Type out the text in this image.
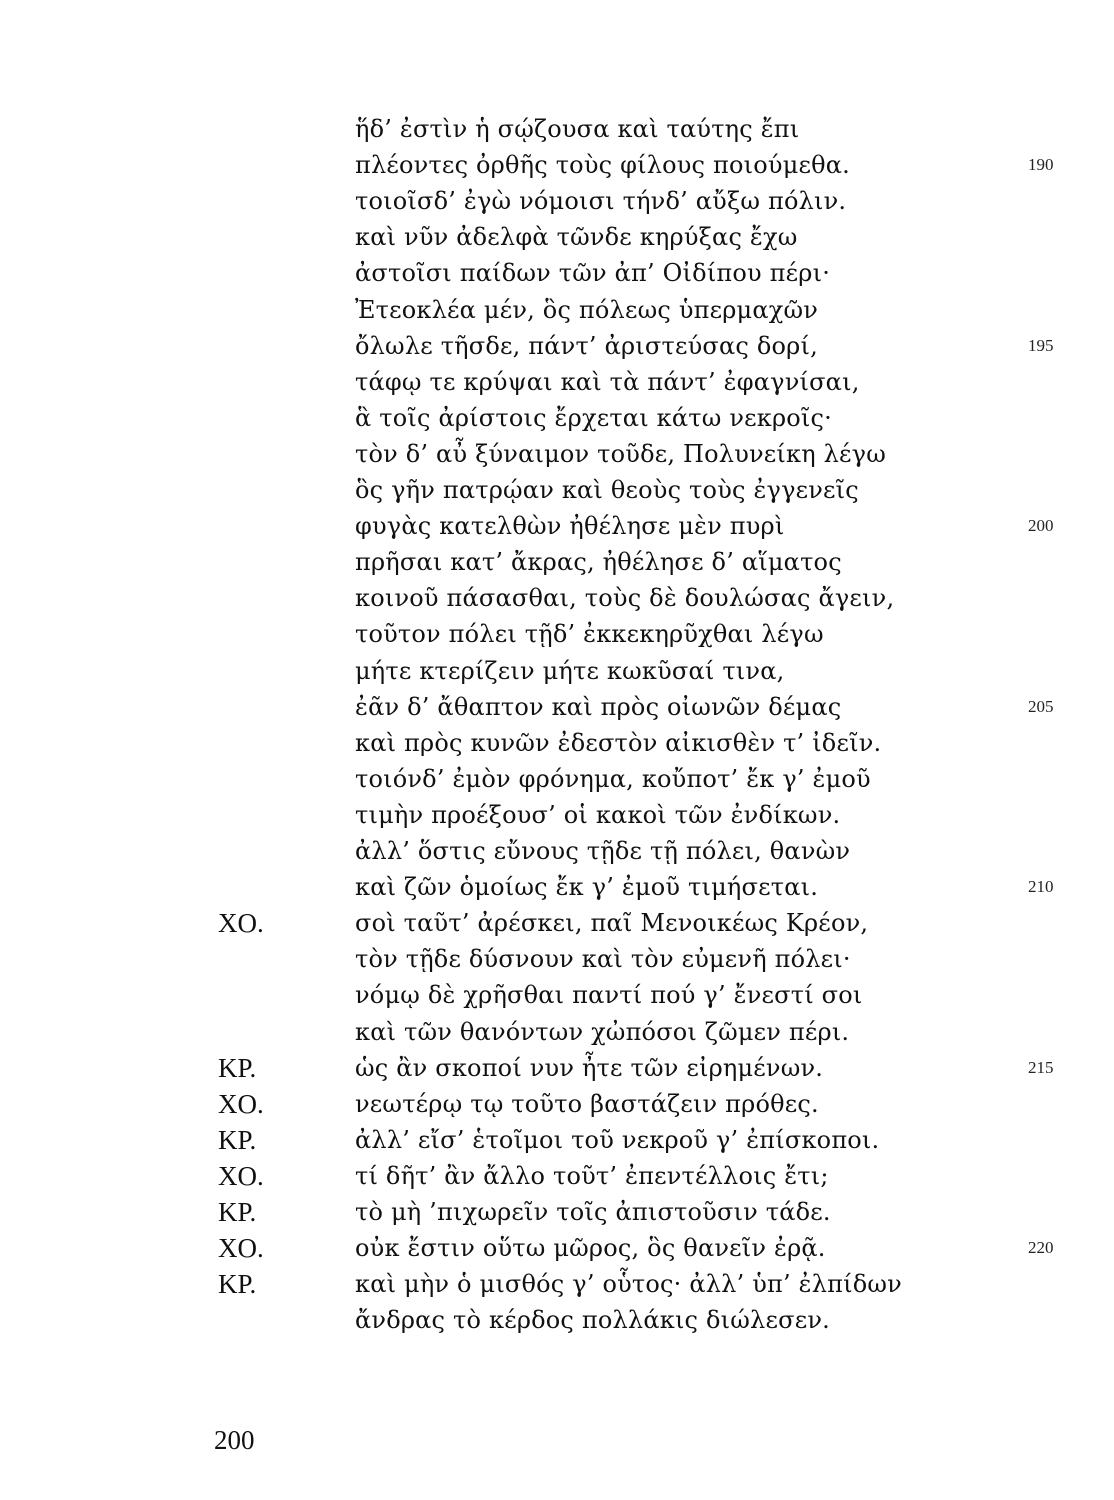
ἥδ’ ἐστὶν ἡ σῴζουσα καὶ ταύτης ἔπι
πλέοντες ὀρθῆς τοὺς φίλους ποιούμεθα.	190
τοιοῖσδ’ ἐγὼ νόμοισι τήνδ’ αὔξω πόλιν.
καὶ νῦν ἀδελφὰ τῶνδε κηρύξας ἔχω
ἀστοῖσι παίδων τῶν ἀπ’ Οἰδίπου πέρι·
Ἐτεοκλέα μέν, ὃς πόλεως ὑπερμαχῶν
ὄλωλε τῆσδε, πάντ’ ἀριστεύσας δορί,	195
τάφῳ τε κρύψαι καὶ τὰ πάντ’ ἐφαγνίσαι,
ἃ τοῖς ἀρίστοις ἔρχεται κάτω νεκροῖς·
τὸν δ’ αὖ ξύναιμον τοῦδε, Πολυνείκη λέγω
ὃς γῆν πατρῴαν καὶ θεοὺς τοὺς ἐγγενεῖς
φυγὰς κατελθὼν ἠθέλησε μὲν πυρὶ	200
πρῆσαι κατ’ ἄκρας, ἠθέλησε δ’ αἵματος
κοινοῦ πάσασθαι, τοὺς δὲ δουλώσας ἄγειν,
τοῦτον πόλει τῇδ’ ἐκκεκηρῦχθαι λέγω
μήτε κτερίζειν μήτε κωκῦσαί τινα,
ἐᾶν δ’ ἄθαπτον καὶ πρὸς οἰωνῶν δέμας	205
καὶ πρὸς κυνῶν ἐδεστὸν αἰκισθὲν τ’ ἰδεῖν.
τοιόνδ’ ἐμὸν φρόνημα, κοὔποτ’ ἔκ γ’ ἐμοῦ
τιμὴν προέξουσ’ οἱ κακοὶ τῶν ἐνδίκων.
ἀλλ’ ὅστις εὔνους τῇδε τῇ πόλει, θανὼν
καὶ ζῶν ὁμοίως ἔκ γ’ ἐμοῦ τιμήσεται.	210
ΧΟ.	σοὶ ταῦτ’ ἀρέσκει, παῖ Μενοικέως Κρέον,
τὸν τῇδε δύσνουν καὶ τὸν εὐμενῆ πόλει·
νόμῳ δὲ χρῆσθαι παντί πού γ’ ἔνεστί σοι
καὶ τῶν θανόντων χὠπόσοι ζῶμεν πέρι.
ΚΡ.	ὡς ἂν σκοποί νυν ἦτε τῶν εἰρημένων.	215
ΧΟ.	νεωτέρῳ τῳ τοῦτο βαστάζειν πρόθες.
ΚΡ.	ἀλλ’ εἴσ’ ἑτοῖμοι τοῦ νεκροῦ γ’ ἐπίσκοποι.
ΧΟ.	τί δῆτ’ ἂν ἄλλο τοῦτ’ ἐπεντέλλοις ἔτι;
ΚΡ.	τὸ μὴ ’πιχωρεῖν τοῖς ἀπιστοῦσιν τάδε.
ΧΟ.	οὐκ ἔστιν οὕτω μῶρος, ὃς θανεῖν ἐρᾷ.	220
ΚΡ.	καὶ μὴν ὁ μισθός γ’ οὗτος· ἀλλ’ ὑπ’ ἐλπίδων
ἄνδρας τὸ κέρδος πολλάκις διώλεσεν.
200
